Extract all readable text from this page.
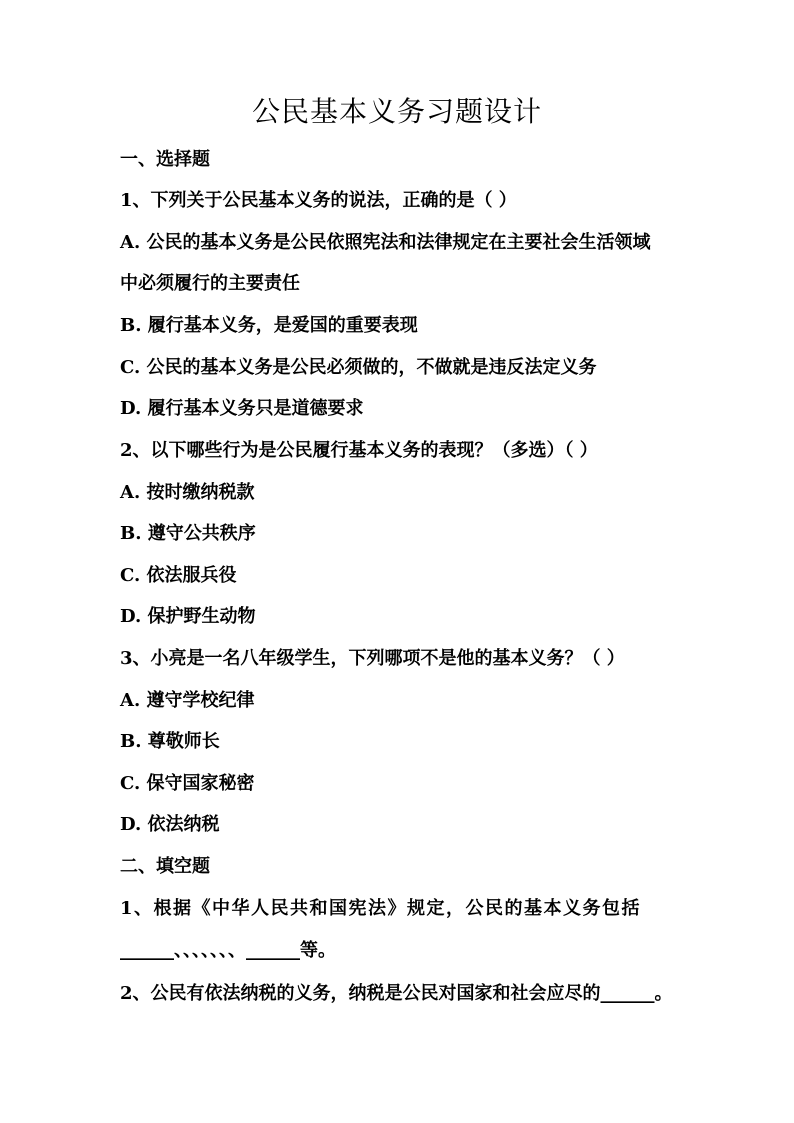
公民基本义务习题设计

一、选择题

1、下列关于公民基本义务的说法，正确的是（ ）

A. 公民的基本义务是公民依照宪法和法律规定在主要社会生活领域

中必须履行的主要责任

B. 履行基本义务，是爱国的重要表现

C. 公民的基本义务是公民必须做的，不做就是违反法定义务

D. 履行基本义务只是道德要求

2、以下哪些行为是公民履行基本义务的表现？（多选）（ ）

A. 按时缴纳税款

B. 遵守公共秩序

C. 依法服兵役

D. 保护野生动物

3、小亮是一名八年级学生，下列哪项不是他的基本义务？（ ）

A. 遵守学校纪律

B. 尊敬师长

C. 保守国家秘密

D. 依法纳税

二、填空题

1、根据《中华人民共和国宪法》规定，公民的基本义务包括

______、、、、、、、______等。

2、公民有依法纳税的义务，纳税是公民对国家和社会应尽的______。
